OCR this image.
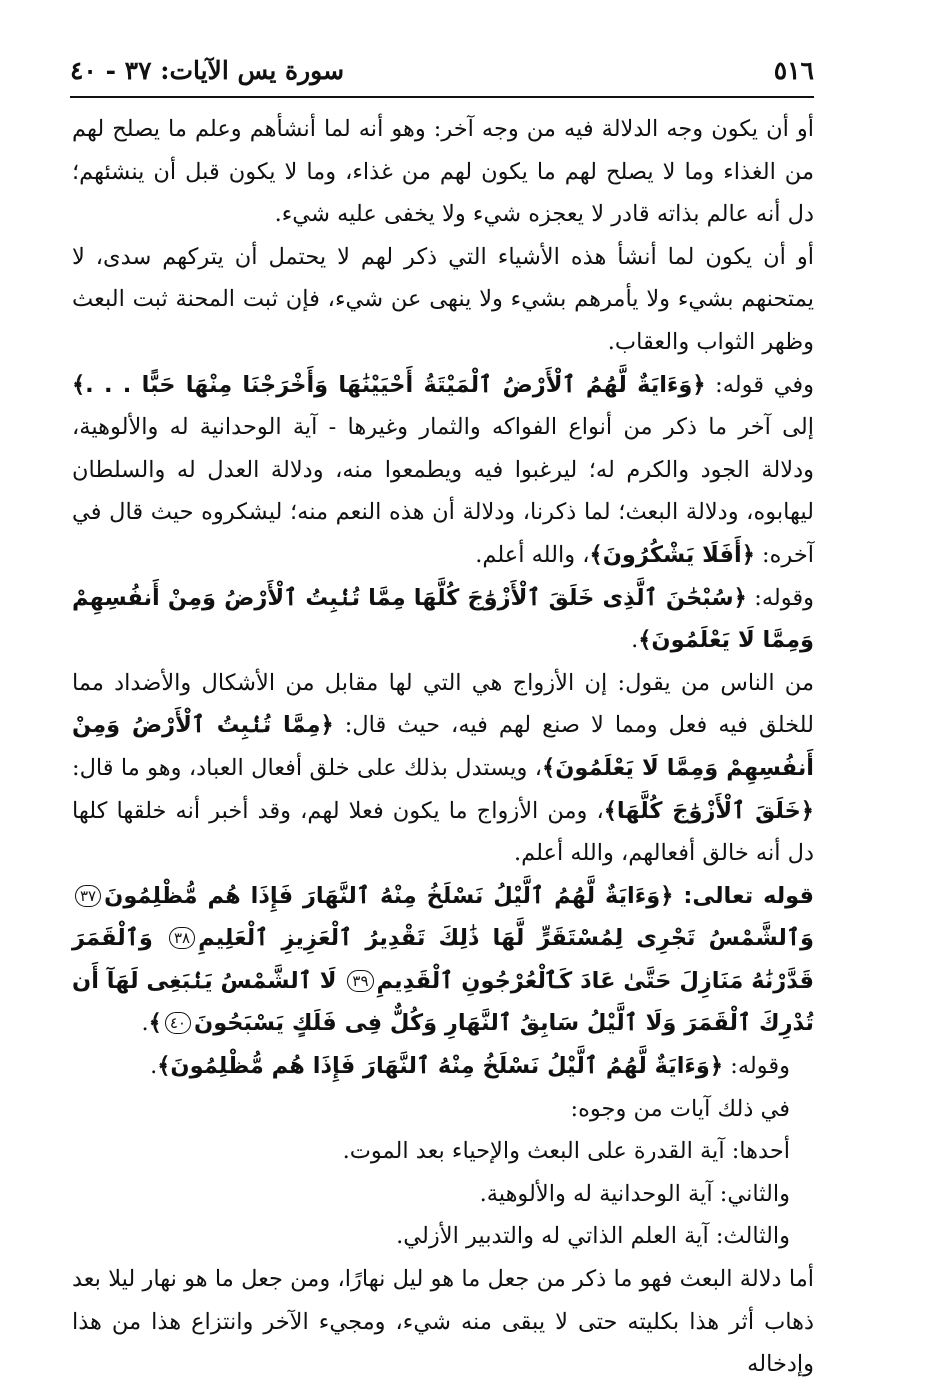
٥١٦
سورة يس الآيات: ٣٧ - ٤٠

أو أن يكون وجه الدلالة فيه من وجه آخر: وهو أنه لما أنشأهم وعلم ما يصلح لهم من الغذاء وما لا يصلح لهم ما يكون لهم من غذاء، وما لا يكون قبل أن ينشئهم؛ دل أنه عالم بذاته قادر لا يعجزه شيء ولا يخفى عليه شيء.

أو أن يكون لما أنشأ هذه الأشياء التي ذكر لهم لا يحتمل أن يتركهم سدى، لا يمتحنهم بشيء ولا يأمرهم بشيء ولا ينهى عن شيء، فإن ثبت المحنة ثبت البعث وظهر الثواب والعقاب.

وفي قوله: ﴿وَءَايَةٌ لَّهُمُ ٱلْأَرْضُ ٱلْمَيْتَةُ أَحْيَيْنَٰهَا وَأَخْرَجْنَا مِنْهَا حَبًّا . . .﴾ إلى آخر ما ذكر من أنواع الفواكه والثمار وغيرها - آية الوحدانية له والألوهية، ودلالة الجود والكرم له؛ ليرغبوا فيه ويطمعوا منه، ودلالة العدل له والسلطان ليهابوه، ودلالة البعث؛ لما ذكرنا، ودلالة أن هذه النعم منه؛ ليشكروه حيث قال في آخره: ﴿أَفَلَا يَشْكُرُونَ﴾، والله أعلم.

وقوله: ﴿سُبْحَٰنَ ٱلَّذِى خَلَقَ ٱلْأَزْوَٰجَ كُلَّهَا مِمَّا تُنۢبِتُ ٱلْأَرْضُ وَمِنْ أَنفُسِهِمْ وَمِمَّا لَا يَعْلَمُونَ﴾.

من الناس من يقول: إن الأزواج هي التي لها مقابل من الأشكال والأضداد مما للخلق فيه فعل ومما لا صنع لهم فيه، حيث قال: ﴿مِمَّا تُنۢبِتُ ٱلْأَرْضُ وَمِنْ أَنفُسِهِمْ وَمِمَّا لَا يَعْلَمُونَ﴾، ويستدل بذلك على خلق أفعال العباد، وهو ما قال: ﴿خَلَقَ ٱلْأَزْوَٰجَ كُلَّهَا﴾، ومن الأزواج ما يكون فعلا لهم، وقد أخبر أنه خلقها كلها دل أنه خالق أفعالهم، والله أعلم.

قوله تعالى: ﴿وَءَايَةٌ لَّهُمُ ٱلَّيْلُ نَسْلَخُ مِنْهُ ٱلنَّهَارَ فَإِذَا هُم مُّظْلِمُونَ٣٧ وَٱلشَّمْسُ تَجْرِى لِمُسْتَقَرٍّ لَّهَا ذَٰلِكَ تَقْدِيرُ ٱلْعَزِيزِ ٱلْعَلِيمِ٣٨ وَٱلْقَمَرَ قَدَّرْنَٰهُ مَنَازِلَ حَتَّىٰ عَادَ كَٱلْعُرْجُونِ ٱلْقَدِيمِ٣٩ لَا ٱلشَّمْسُ يَنۢبَغِى لَهَآ أَن تُدْرِكَ ٱلْقَمَرَ وَلَا ٱلَّيْلُ سَابِقُ ٱلنَّهَارِ وَكُلٌّ فِى فَلَكٍ يَسْبَحُونَ٤٠﴾.

وقوله: ﴿وَءَايَةٌ لَّهُمُ ٱلَّيْلُ نَسْلَخُ مِنْهُ ٱلنَّهَارَ فَإِذَا هُم مُّظْلِمُونَ﴾.

في ذلك آيات من وجوه:

أحدها: آية القدرة على البعث والإحياء بعد الموت.

والثاني: آية الوحدانية له والألوهية.

والثالث: آية العلم الذاتي له والتدبير الأزلي.

أما دلالة البعث فهو ما ذكر من جعل ما هو ليل نهارًا، ومن جعل ما هو نهار ليلا بعد ذهاب أثر هذا بكليته حتى لا يبقى منه شيء، ومجيء الآخر وانتزاع هذا من هذا وإدخاله
